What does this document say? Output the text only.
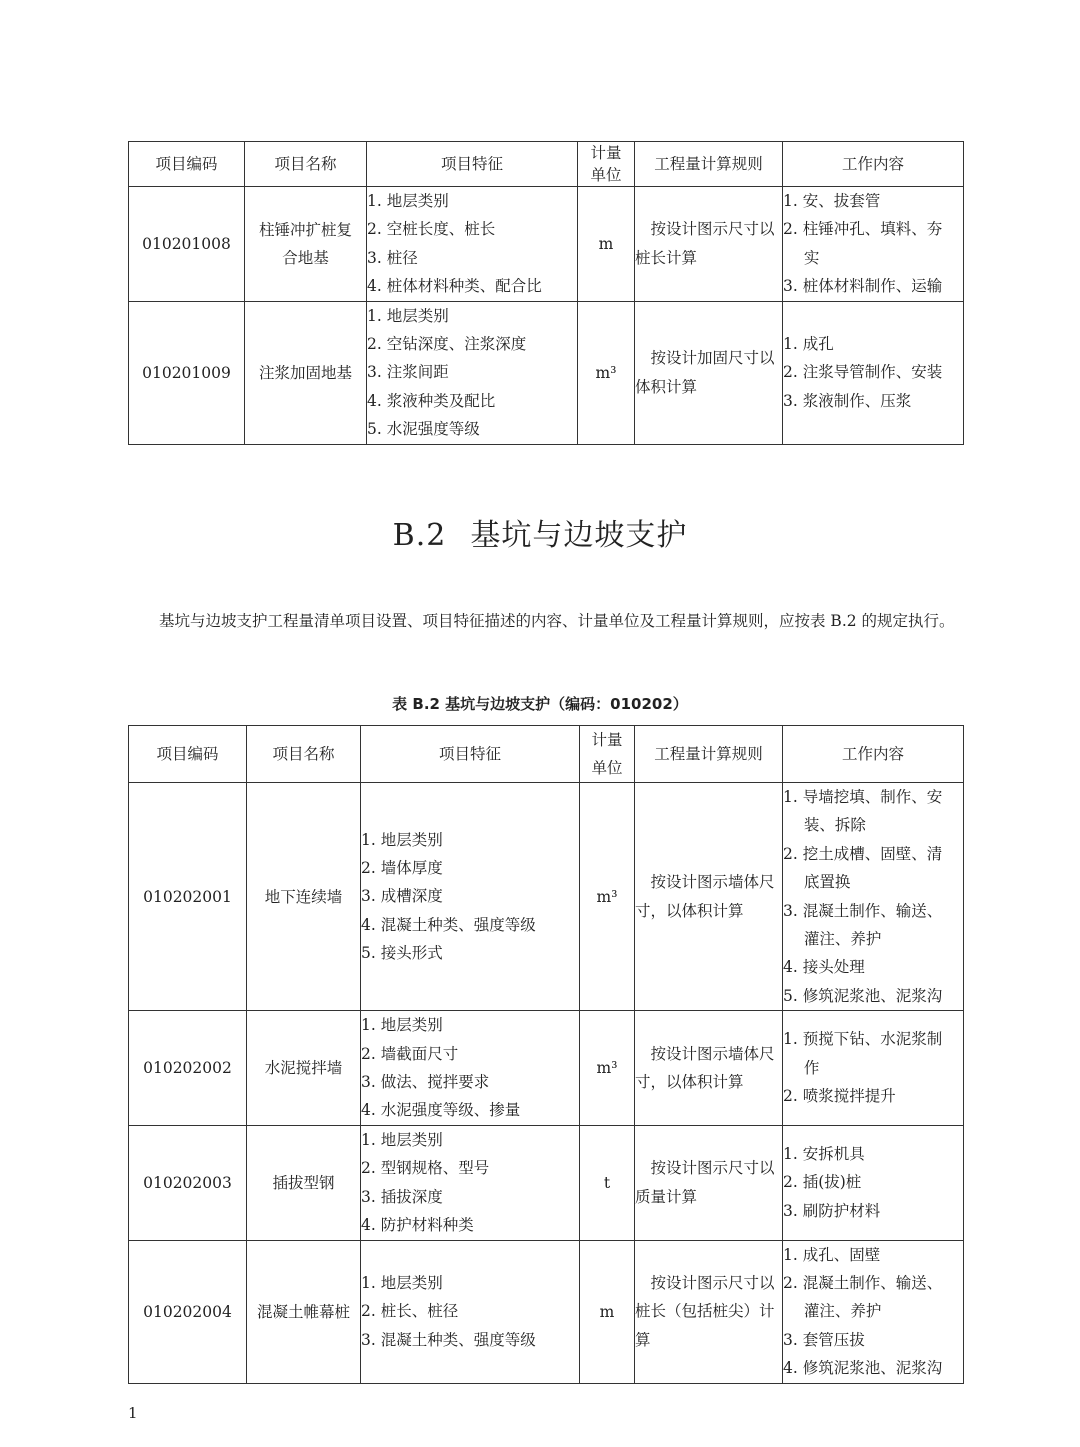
项目编码	项目名称	项目特征	计量单位	工程量计算规则	工作内容
010201008	柱锤冲扩桩复合地基	1. 地层类别
2. 空桩长度、桩长
3. 桩径
4. 桩体材料种类、配合比	m	按设计图示尺寸以桩长计算	1. 安、拔套管
2. 柱锤冲孔、填料、夯实
3. 桩体材料制作、运输

010201009	注浆加固地基	1. 地层类别
2. 空钻深度、注浆深度
3. 注浆间距
4. 浆液种类及配比
5. 水泥强度等级	m³	按设计加固尺寸以体积计算	1. 成孔
2. 注浆导管制作、安装
3. 浆液制作、压浆
B.2 基坑与边坡支护
基坑与边坡支护工程量清单项目设置、项目特征描述的内容、计量单位及工程量计算规则，应按表 B.2 的规定执行。
表 B.2 基坑与边坡支护（编码：010202）
项目编码	项目名称	项目特征	计量单位	工程量计算规则	工作内容
010202001	地下连续墙	1. 地层类别
2. 墙体厚度
3. 成槽深度
4. 混凝土种类、强度等级
5. 接头形式	m³	按设计图示墙体尺寸，以体积计算	1. 导墙挖填、制作、安装、拆除
2. 挖土成槽、固壁、清底置换
3. 混凝土制作、输送、灌注、养护
4. 接头处理
5. 修筑泥浆池、泥浆沟

010202002	水泥搅拌墙	1. 地层类别
2. 墙截面尺寸
3. 做法、搅拌要求
4. 水泥强度等级、掺量	m³	按设计图示墙体尺寸，以体积计算	1. 预搅下钻、水泥浆制作
2. 喷浆搅拌提升

010202003	插拔型钢	1. 地层类别
2. 型钢规格、型号
3. 插拔深度
4. 防护材料种类	t	按设计图示尺寸以质量计算	1. 安拆机具
2. 插(拔)桩
3. 刷防护材料

010202004	混凝土帷幕桩	1. 地层类别
2. 桩长、桩径
3. 混凝土种类、强度等级	m	按设计图示尺寸以桩长（包括桩尖）计算	1. 成孔、固壁
2. 混凝土制作、输送、灌注、养护
3. 套管压拔
4. 修筑泥浆池、泥浆沟
1
